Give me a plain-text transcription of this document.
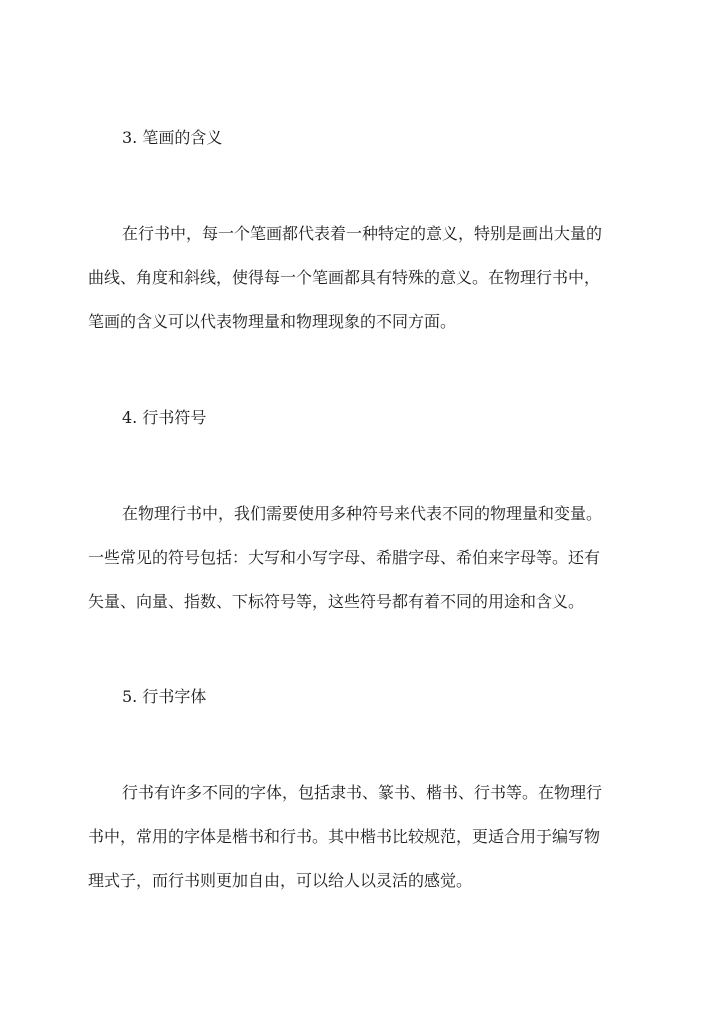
3. 笔画的含义
在行书中，每一个笔画都代表着一种特定的意义，特别是画出大量的
曲线、角度和斜线，使得每一个笔画都具有特殊的意义。在物理行书中，
笔画的含义可以代表物理量和物理现象的不同方面。
4. 行书符号
在物理行书中，我们需要使用多种符号来代表不同的物理量和变量。
一些常见的符号包括：大写和小写字母、希腊字母、希伯来字母等。还有
矢量、向量、指数、下标符号等，这些符号都有着不同的用途和含义。
5. 行书字体
行书有许多不同的字体，包括隶书、篆书、楷书、行书等。在物理行
书中，常用的字体是楷书和行书。其中楷书比较规范，更适合用于编写物
理式子，而行书则更加自由，可以给人以灵活的感觉。
